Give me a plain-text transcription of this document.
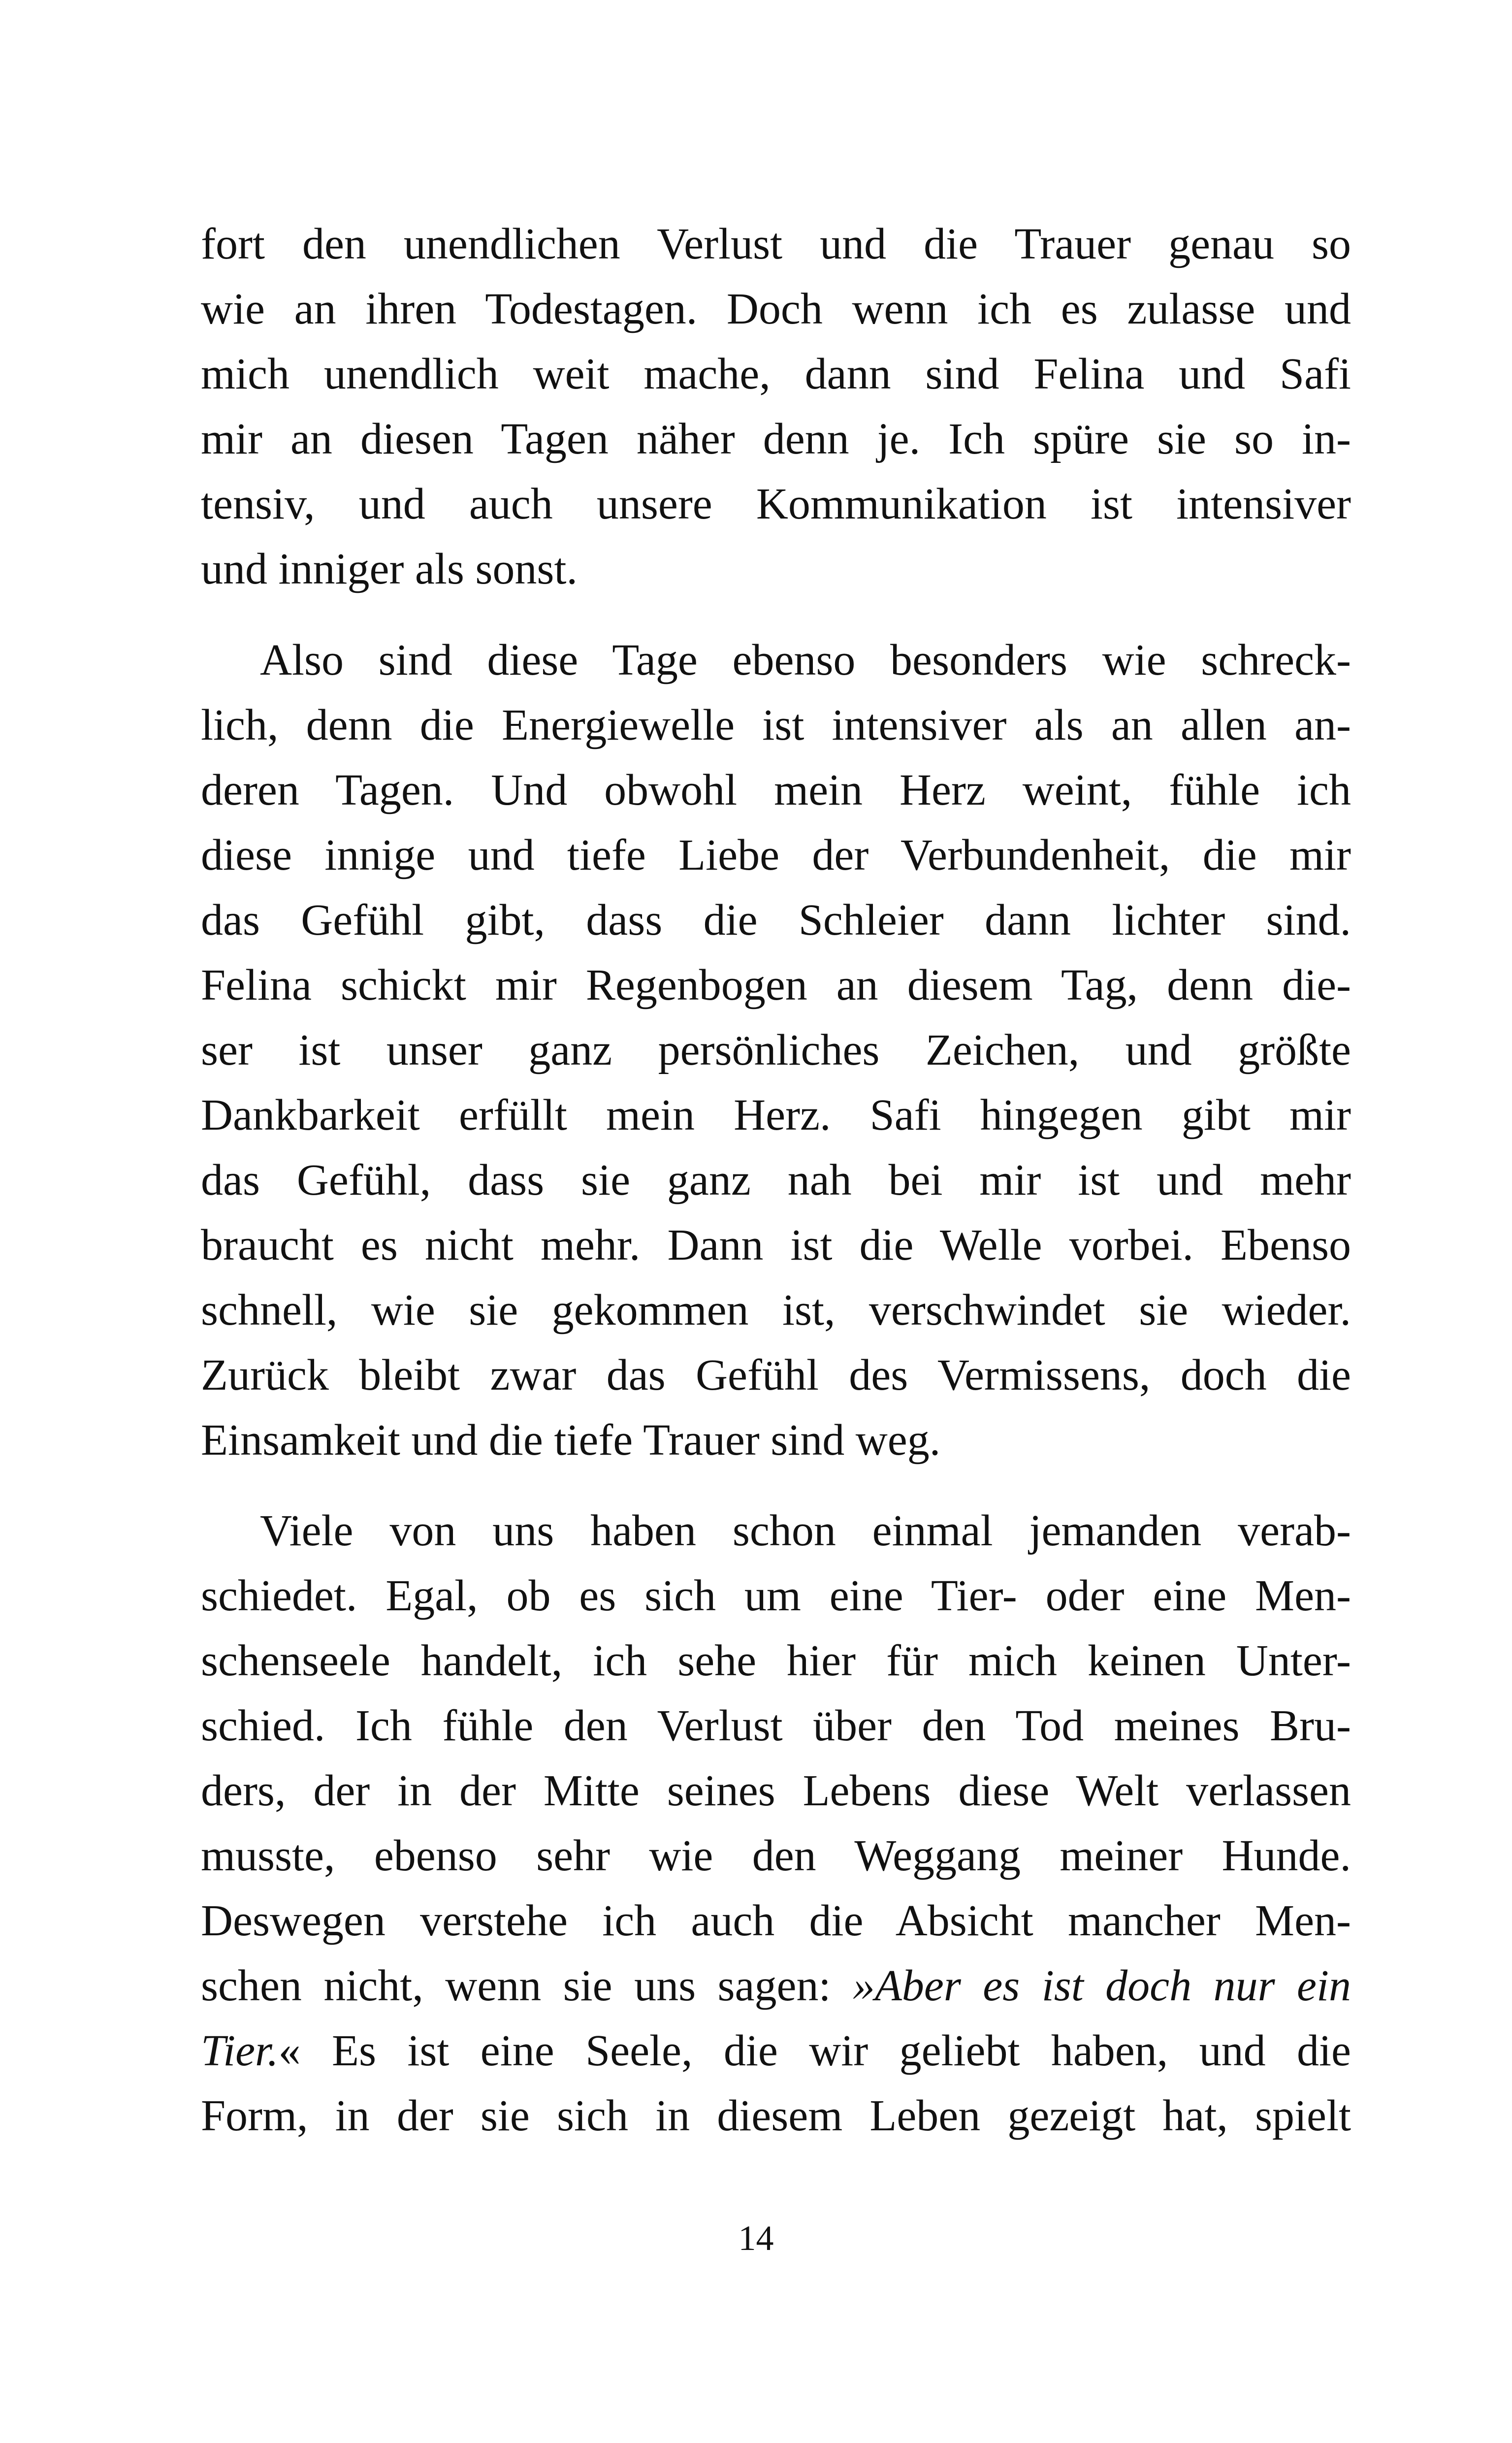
fort den unendlichen Verlust und die Trauer genau so
wie an ihren Todestagen. Doch wenn ich es zulasse und
mich unendlich weit mache, dann sind Felina und Safi
mir an diesen Tagen näher denn je. Ich spüre sie so in-
tensiv, und auch unsere Kommunikation ist intensiver
und inniger als sonst.
Also sind diese Tage ebenso besonders wie schreck-
lich, denn die Energiewelle ist intensiver als an allen an-
deren Tagen. Und obwohl mein Herz weint, fühle ich
diese innige und tiefe Liebe der Verbundenheit, die mir
das Gefühl gibt, dass die Schleier dann lichter sind.
Felina schickt mir Regenbogen an diesem Tag, denn die-
ser ist unser ganz persönliches Zeichen, und größte
Dankbarkeit erfüllt mein Herz. Safi hingegen gibt mir
das Gefühl, dass sie ganz nah bei mir ist und mehr
braucht es nicht mehr. Dann ist die Welle vorbei. Ebenso
schnell, wie sie gekommen ist, verschwindet sie wieder.
Zurück bleibt zwar das Gefühl des Vermissens, doch die
Einsamkeit und die tiefe Trauer sind weg.
Viele von uns haben schon einmal jemanden verab-
schiedet. Egal, ob es sich um eine Tier- oder eine Men-
schenseele handelt, ich sehe hier für mich keinen Unter-
schied. Ich fühle den Verlust über den Tod meines Bru-
ders, der in der Mitte seines Lebens diese Welt verlassen
musste, ebenso sehr wie den Weggang meiner Hunde.
Deswegen verstehe ich auch die Absicht mancher Men-
schen nicht, wenn sie uns sagen: »Aber es ist doch nur ein
Tier.« Es ist eine Seele, die wir geliebt haben, und die
Form, in der sie sich in diesem Leben gezeigt hat, spielt
14
